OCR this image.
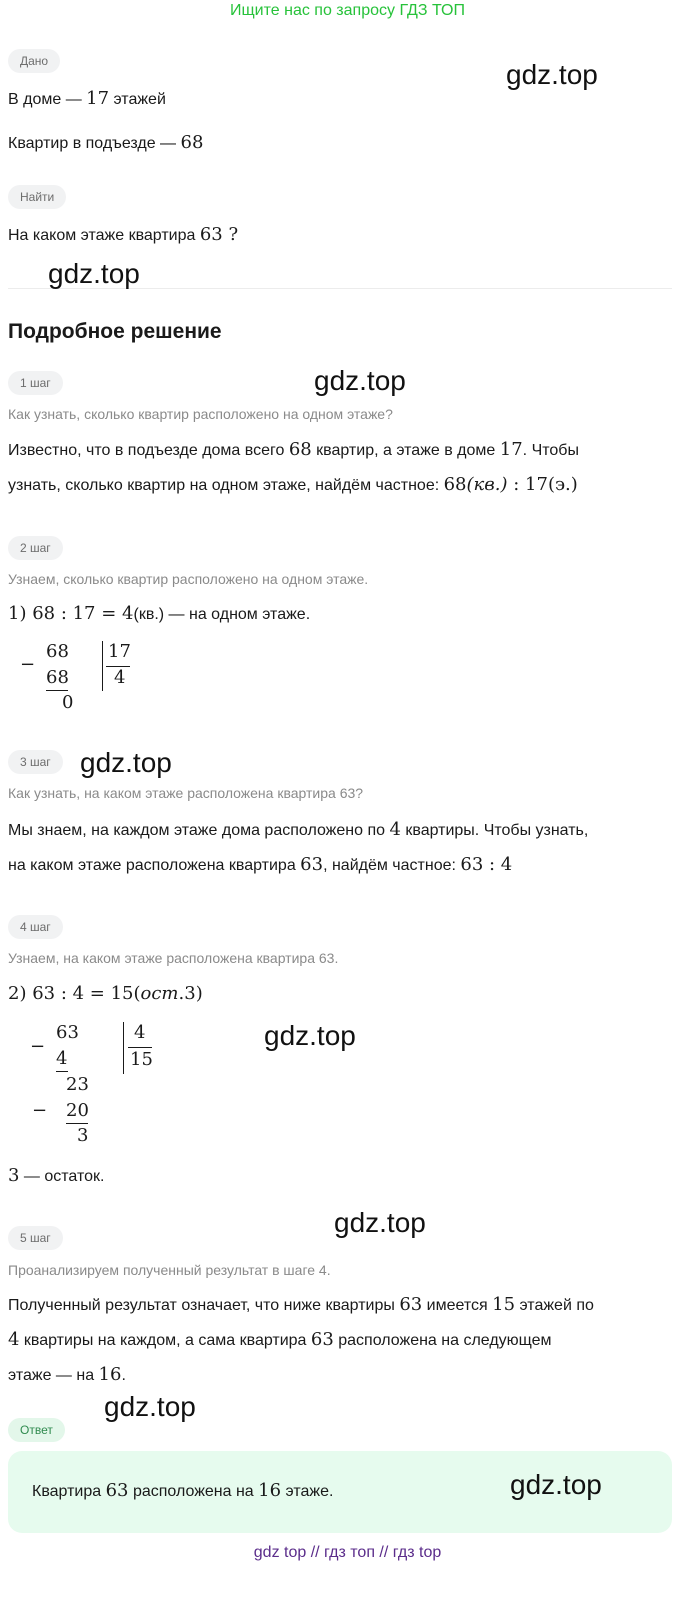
Ищите нас по запросу ГДЗ ТОП
Дано
В доме — 17 этажей
Квартир в подъезде — 68
Найти
На каком этаже квартира 63 ?
Подробное решение
1 шаг
Как узнать, сколько квартир расположено на одном этаже?
Известно, что в подъезде дома всего 68 квартир, а этаже в доме 17. Чтобы
узнать, сколько квартир на одном этаже, найдём частное: 68(кв.) : 17(э.)
2 шаг
Узнаем, сколько квартир расположено на одном этаже.
1) 68 : 17 = 4(кв.) — на одном этаже.
−
68
68
0
17
4
3 шаг
Как узнать, на каком этаже расположена квартира 63?
Мы знаем, на каждом этаже дома расположено по 4 квартиры. Чтобы узнать,
на каком этаже расположена квартира 63, найдём частное: 63 : 4
4 шаг
Узнаем, на каком этаже расположена квартира 63.
2) 63 : 4 = 15(ост.3)
−
63
4
23
− 20
3
4
15
3 — остаток.
5 шаг
Проанализируем полученный результат в шаге 4.
Полученный результат означает, что ниже квартиры 63 имеется 15 этажей по
4 квартиры на каждом, а сама квартира 63 расположена на следующем
этаже — на 16.
Ответ
Квартира 63 расположена на 16 этаже.
gdz.top
gdz.top
gdz.top
gdz.top
gdz.top
gdz.top
gdz.top
gdz.top
gdz top // гдз топ // гдз top
